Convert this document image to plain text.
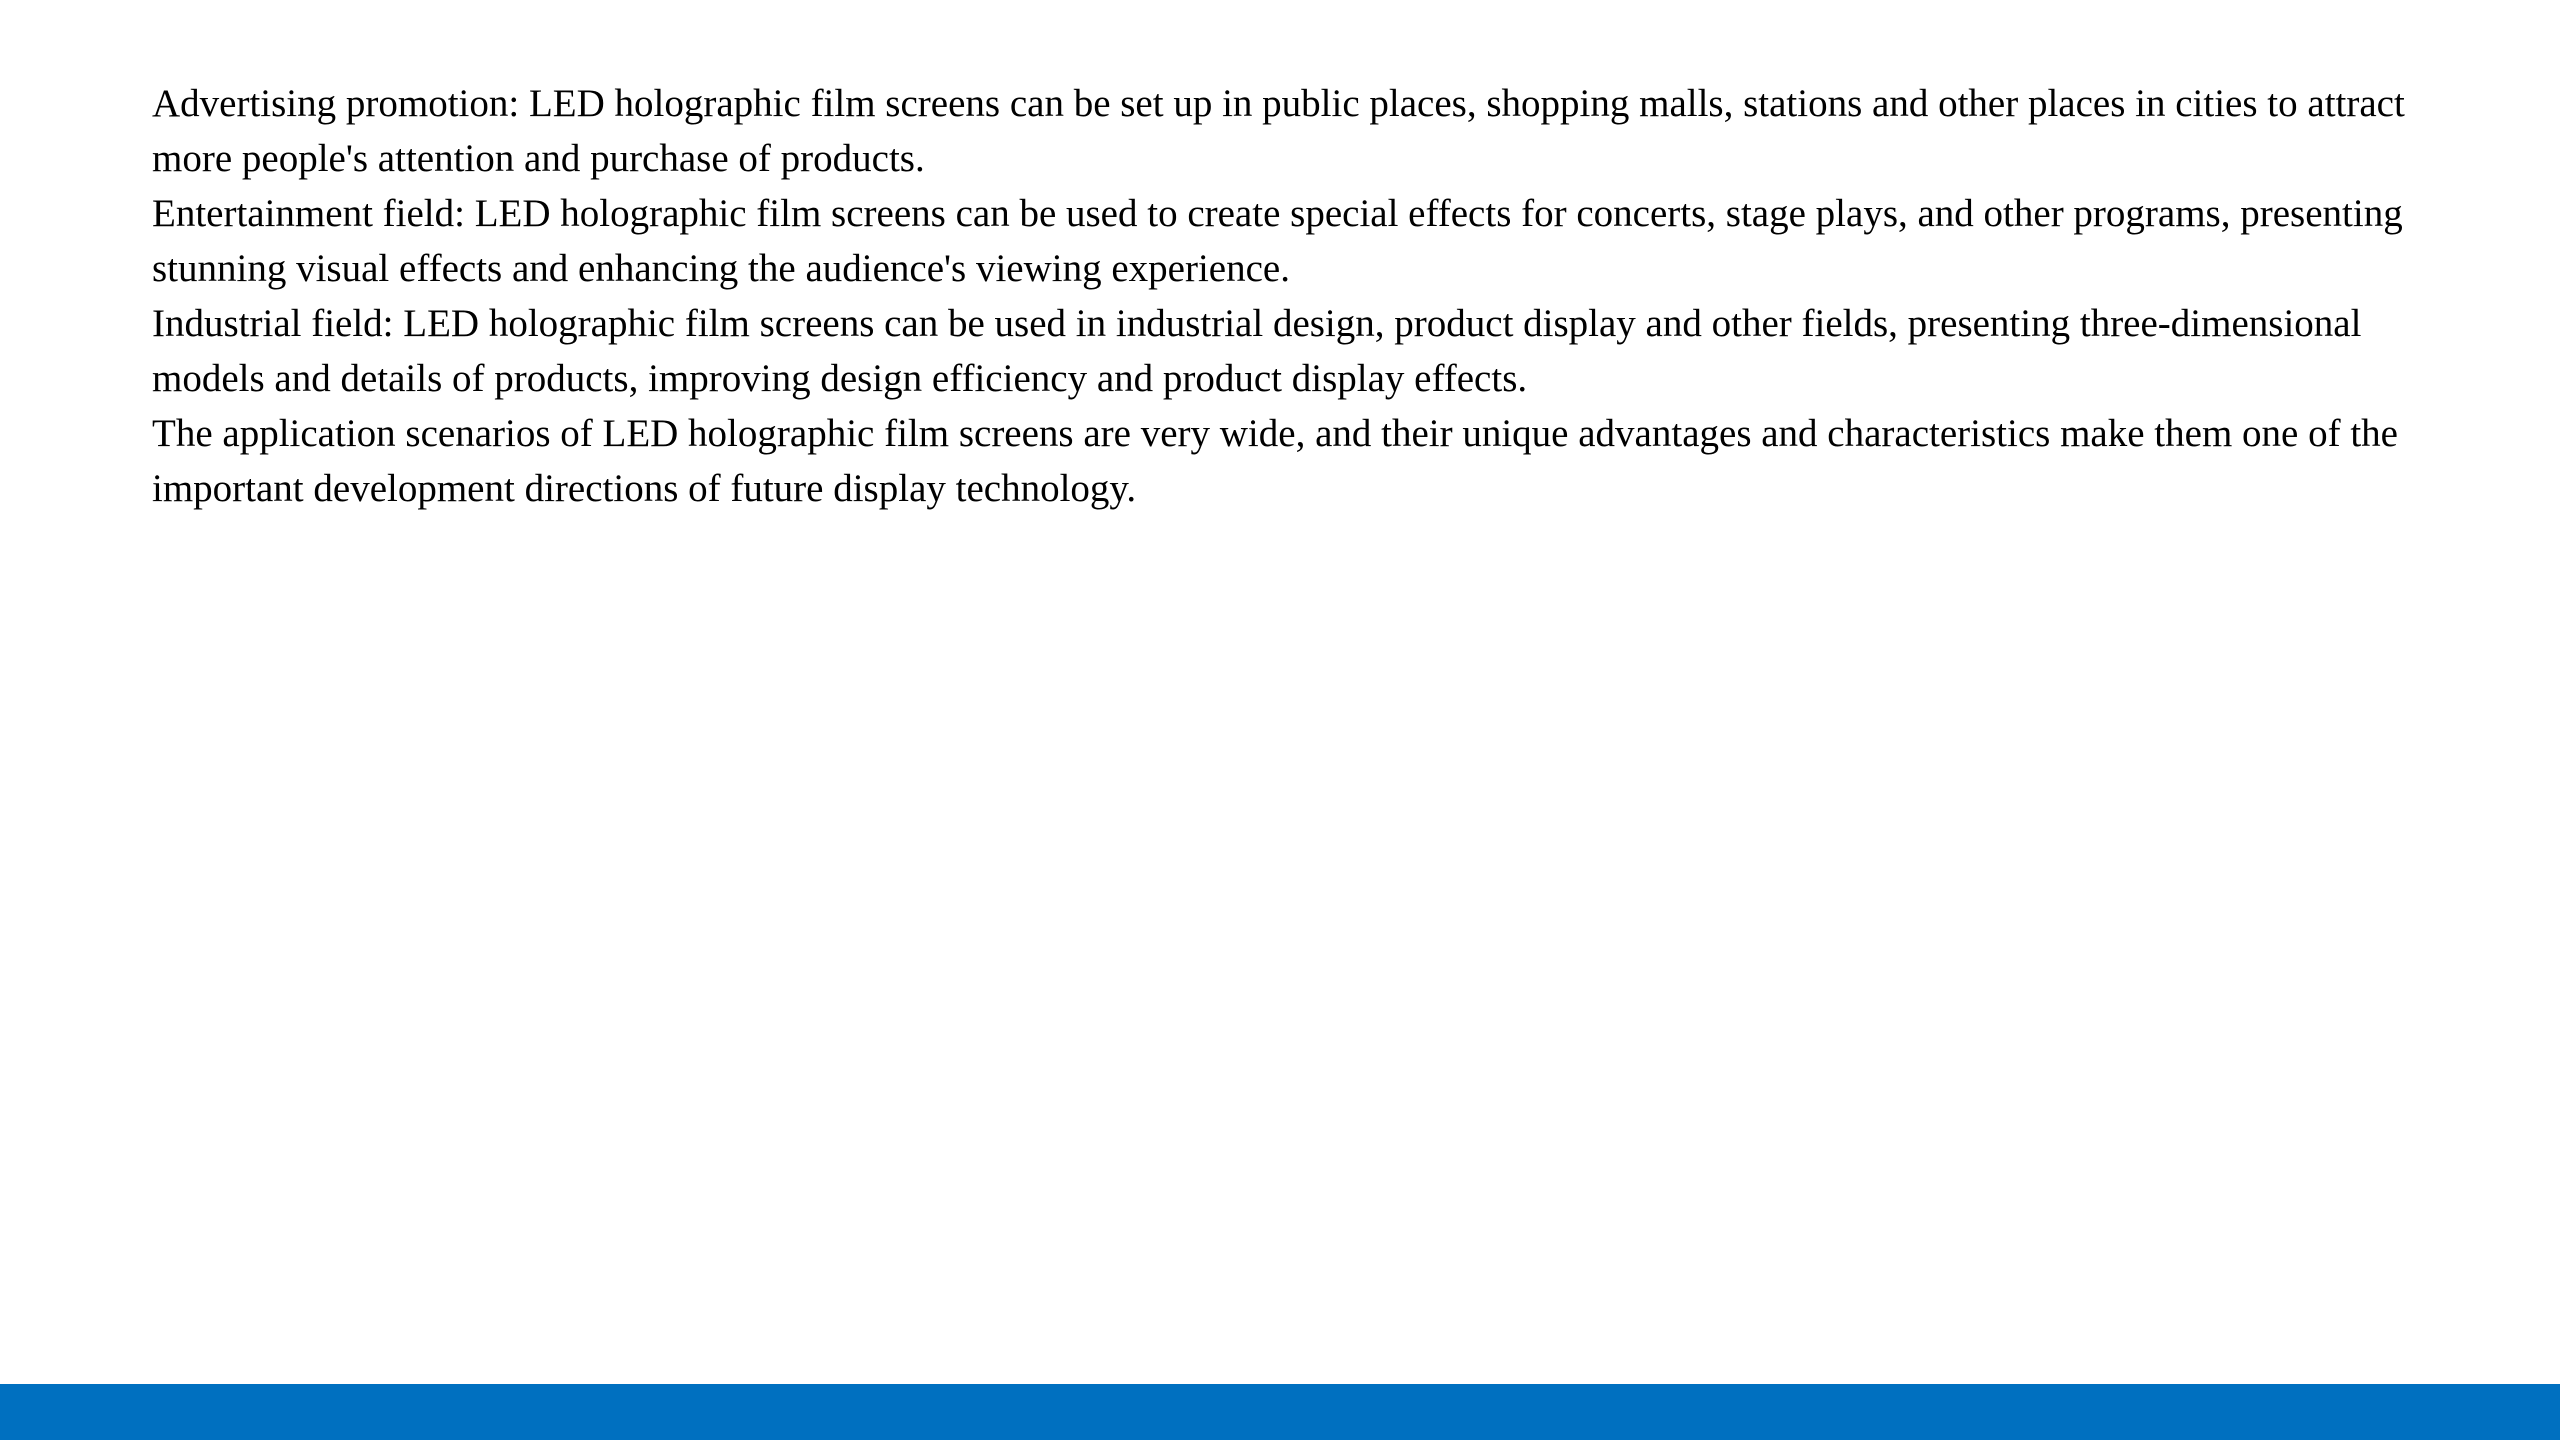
Advertising promotion: LED holographic film screens can be set up in public places, shopping malls, stations and other places in cities to attract more people's attention and purchase of products.

Entertainment field: LED holographic film screens can be used to create special effects for concerts, stage plays, and other programs, presenting stunning visual effects and enhancing the audience's viewing experience.

Industrial field: LED holographic film screens can be used in industrial design, product display and other fields, presenting three-dimensional models and details of products, improving design efficiency and product display effects.

The application scenarios of LED holographic film screens are very wide, and their unique advantages and characteristics make them one of the important development directions of future display technology.
